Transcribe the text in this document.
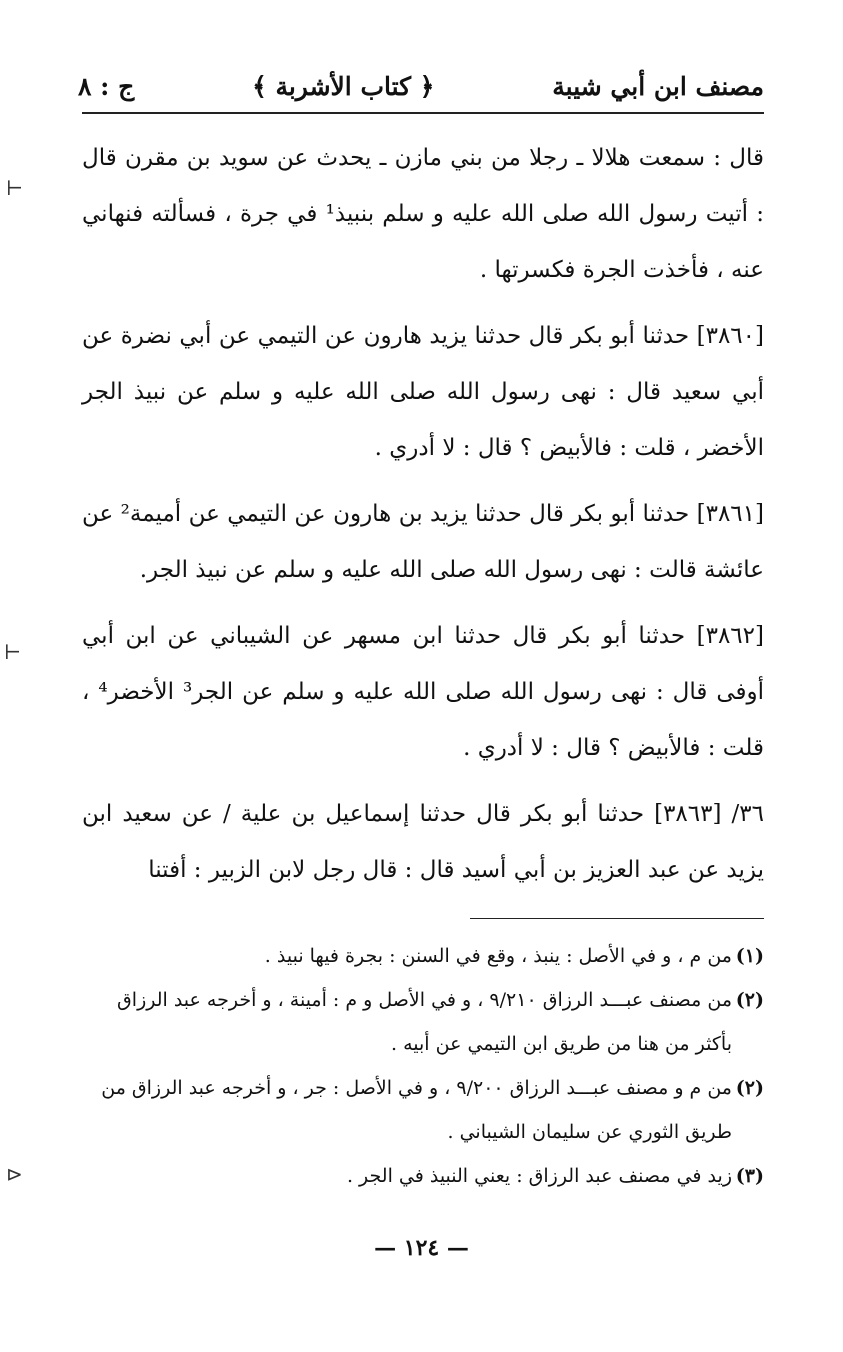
مصنف ابن أبي شيبة
﴿ كتاب الأشربة ﴾
ج : ٨

قال : سمعت هلالا ـ رجلا من بني مازن ـ يحدث عن سويد بن مقرن قال : أتيت رسول الله صلى الله عليه و سلم بنبيذ¹ في جرة ، فسألته فنهاني عنه ، فأخذت الجرة فكسرتها .

[٣٨٦٠] حدثنا أبو بكر قال حدثنا يزيد هارون عن التيمي عن أبي نضرة عن أبي سعيد قال : نهى رسول الله صلى الله عليه و سلم عن نبيذ الجر الأخضر ، قلت : فالأبيض ؟ قال : لا أدري .

[٣٨٦١] حدثنا أبو بكر قال حدثنا يزيد بن هارون عن التيمي عن أميمة² عن عائشة قالت : نهى رسول الله صلى الله عليه و سلم عن نبيذ الجر.

[٣٨٦٢] حدثنا أبو بكر قال حدثنا ابن مسهر عن الشيباني عن ابن أبي أوفى قال : نهى رسول الله صلى الله عليه و سلم عن الجر³ الأخضر⁴ ، قلت : فالأبيض ؟ قال : لا أدري .

٣٦/ [٣٨٦٣] حدثنا أبو بكر قال حدثنا إسماعيل بن علية / عن سعيد ابن يزيد عن عبد العزيز بن أبي أسيد قال : قال رجل لابن الزبير : أفتنا

(١)
من م ، و في الأصل : ينبذ ، وقع في السنن : بجرة فيها نبيذ .
(٢)
من مصنف عبـــد الرزاق ٩/٢١٠ ، و في الأصل و م : أمينة ، و أخرجه عبد الرزاق بأكثر من هنا من طريق ابن التيمي عن أبيه .
(٢)
من م و مصنف عبـــد الرزاق ٩/٢٠٠ ، و في الأصل : جر ، و أخرجه عبد الرزاق من طريق الثوري عن سليمان الشيباني .
(٣)
زيد في مصنف عبد الرزاق : يعني النبيذ في الجر .
— ١٢٤ —
⊢
⊢
⊳
